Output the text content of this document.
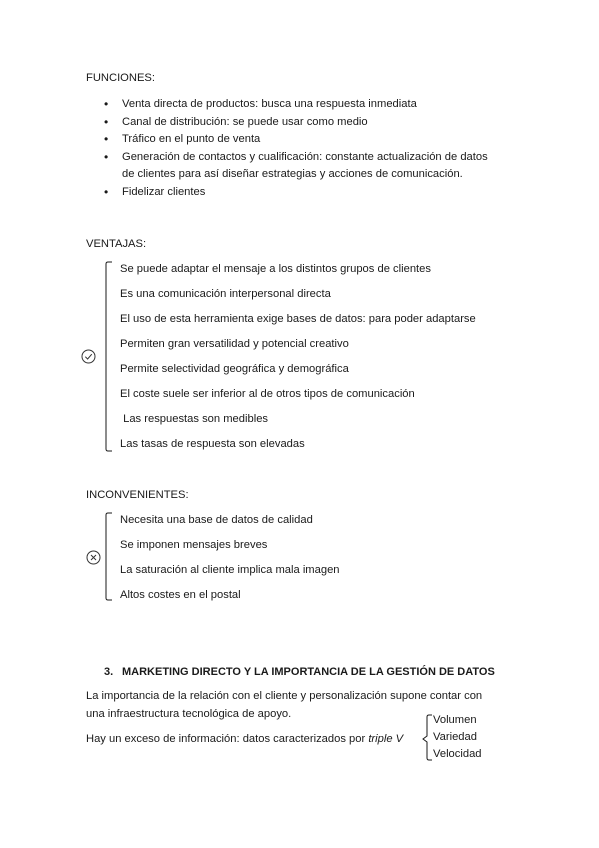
FUNCIONES:
• Venta directa de productos: busca una respuesta inmediata
• Canal de distribución: se puede usar como medio
• Tráfico en el punto de venta
• Generación de contactos y cualificación: constante actualización de datos
de clientes para así diseñar estrategias y acciones de comunicación.
• Fidelizar clientes
VENTAJAS:
Se puede adaptar el mensaje a los distintos grupos de clientes
Es una comunicación interpersonal directa
El uso de esta herramienta exige bases de datos: para poder adaptarse
Permiten gran versatilidad y potencial creativo
Permite selectividad geográfica y demográfica
El coste suele ser inferior al de otros tipos de comunicación
Las respuestas son medibles
Las tasas de respuesta son elevadas
INCONVENIENTES:
Necesita una base de datos de calidad
Se imponen mensajes breves
La saturación al cliente implica mala imagen
Altos costes en el postal
3. MARKETING DIRECTO Y LA IMPORTANCIA DE LA GESTIÓN DE DATOS
La importancia de la relación con el cliente y personalización supone contar con
una infraestructura tecnológica de apoyo.
Hay un exceso de información: datos caracterizados por triple V
Volumen
Variedad
Velocidad
